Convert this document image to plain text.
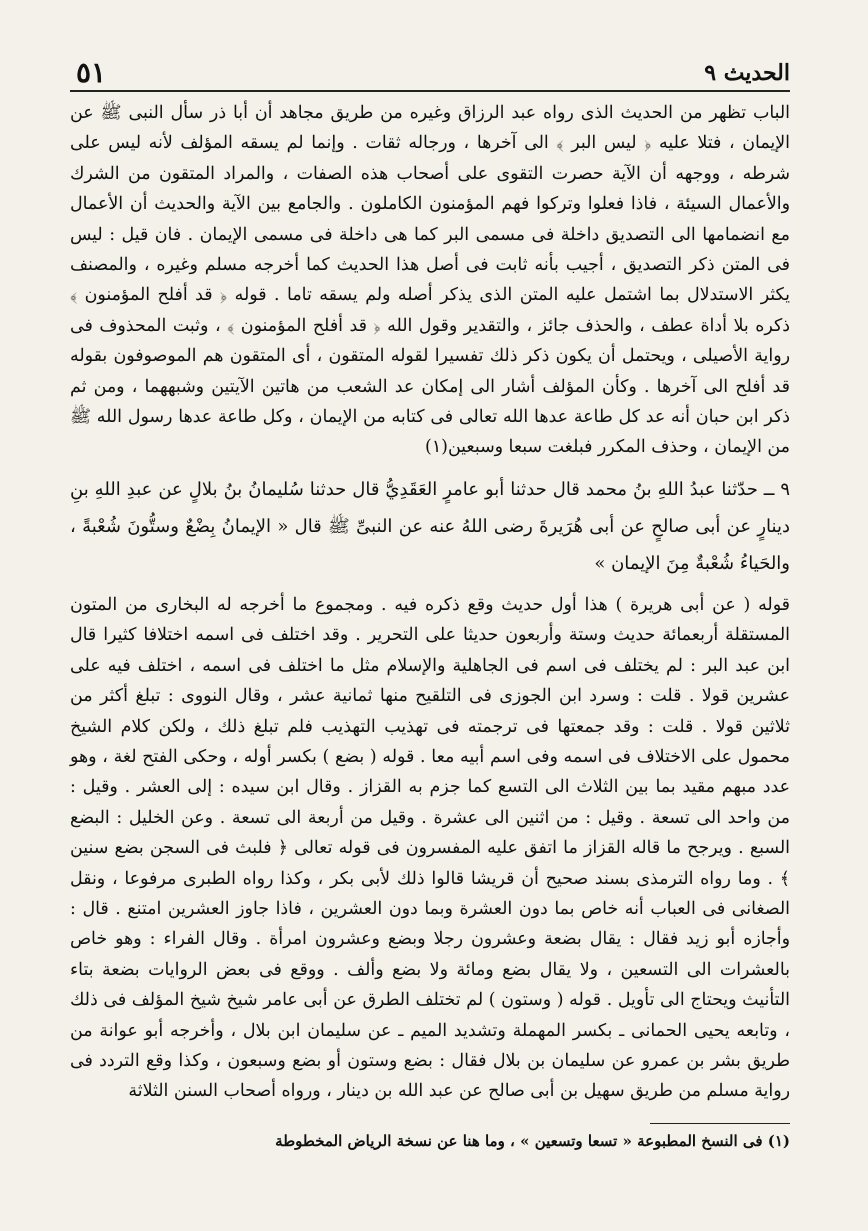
الحديث ٩
٥١

الباب تظهر من الحديث الذى رواه عبد الرزاق وغيره من طريق مجاهد أن أبا ذر سأل النبى ﷺ عن الإيمان ، فتلا عليه ﴿ ليس البر ﴾ الى آخرها ، ورجاله ثقات . وإنما لم يسقه المؤلف لأنه ليس على شرطه ، ووجهه أن الآية حصرت التقوى على أصحاب هذه الصفات ، والمراد المتقون من الشرك والأعمال السيئة ، فاذا فعلوا وتركوا فهم المؤمنون الكاملون . والجامع بين الآية والحديث أن الأعمال مع انضمامها الى التصديق داخلة فى مسمى البر كما هى داخلة فى مسمى الإيمان . فان قيل : ليس فى المتن ذكر التصديق ، أجيب بأنه ثابت فى أصل هذا الحديث كما أخرجه مسلم وغيره ، والمصنف يكثر الاستدلال بما اشتمل عليه المتن الذى يذكر أصله ولم يسقه تاما . قوله ﴿ قد أفلح المؤمنون ﴾ ذكره بلا أداة عطف ، والحذف جائز ، والتقدير وقول الله ﴿ قد أفلح المؤمنون ﴾ ، وثبت المحذوف فى رواية الأصيلى ، ويحتمل أن يكون ذكر ذلك تفسيرا لقوله المتقون ، أى المتقون هم الموصوفون بقوله قد أفلح الى آخرها . وكأن المؤلف أشار الى إمكان عد الشعب من هاتين الآيتين وشبههما ، ومن ثم ذكر ابن حبان أنه عد كل طاعة عدها الله تعالى فى كتابه من الإيمان ، وكل طاعة عدها رسول الله ﷺ من الإيمان ، وحذف المكرر فبلغت سبعا وسبعين(١)

٩ ــ حدّثنا عبدُ اللهِ بنُ محمد قال حدثنا أبو عامرٍ العَقَدِيُّ قال حدثنا سُليمانُ بنُ بلالٍ عن عبدِ اللهِ بنِ دينارٍ عن أبى صالحٍ عن أبى هُرَيرةَ رضى اللهُ عنه عن النبىِّ ﷺ قال « الإيمانُ بِضْعٌ وستُّونَ شُعْبةً ، والحَياءُ شُعْبةٌ مِنَ الإيمان »

قوله ( عن أبى هريرة ) هذا أول حديث وقع ذكره فيه . ومجموع ما أخرجه له البخارى من المتون المستقلة أربعمائة حديث وستة وأربعون حديثا على التحرير . وقد اختلف فى اسمه اختلافا كثيرا قال ابن عبد البر : لم يختلف فى اسم فى الجاهلية والإسلام مثل ما اختلف فى اسمه ، اختلف فيه على عشرين قولا . قلت : وسرد ابن الجوزى فى التلقيح منها ثمانية عشر ، وقال النووى : تبلغ أكثر من ثلاثين قولا . قلت : وقد جمعتها فى ترجمته فى تهذيب التهذيب فلم تبلغ ذلك ، ولكن كلام الشيخ محمول على الاختلاف فى اسمه وفى اسم أبيه معا . قوله ( بضع ) بكسر أوله ، وحكى الفتح لغة ، وهو عدد مبهم مقيد بما بين الثلاث الى التسع كما جزم به القزاز . وقال ابن سيده : إلى العشر . وقيل : من واحد الى تسعة . وقيل : من اثنين الى عشرة . وقيل من أربعة الى تسعة . وعن الخليل : البضع السبع . ويرجح ما قاله القزاز ما اتفق عليه المفسرون فى قوله تعالى ﴿ فلبث فى السجن بضع سنين ﴾ . وما رواه الترمذى بسند صحيح أن قريشا قالوا ذلك لأبى بكر ، وكذا رواه الطبرى مرفوعا ، ونقل الصغانى فى العباب أنه خاص بما دون العشرة وبما دون العشرين ، فاذا جاوز العشرين امتنع . قال : وأجازه أبو زيد فقال : يقال بضعة وعشرون رجلا وبضع وعشرون امرأة . وقال الفراء : وهو خاص بالعشرات الى التسعين ، ولا يقال بضع ومائة ولا بضع وألف . ووقع فى بعض الروايات بضعة بتاء التأنيث ويحتاج الى تأويل . قوله ( وستون ) لم تختلف الطرق عن أبى عامر شيخ شيخ المؤلف فى ذلك ، وتابعه يحيى الحمانى ـ بكسر المهملة وتشديد الميم ـ عن سليمان ابن بلال ، وأخرجه أبو عوانة من طريق بشر بن عمرو عن سليمان بن بلال فقال : بضع وستون أو بضع وسبعون ، وكذا وقع التردد فى رواية مسلم من طريق سهيل بن أبى صالح عن عبد الله بن دينار ، ورواه أصحاب السنن الثلاثة

(١) فى النسخ المطبوعة « تسعا وتسعين » ، وما هنا عن نسخة الرياض المخطوطة
